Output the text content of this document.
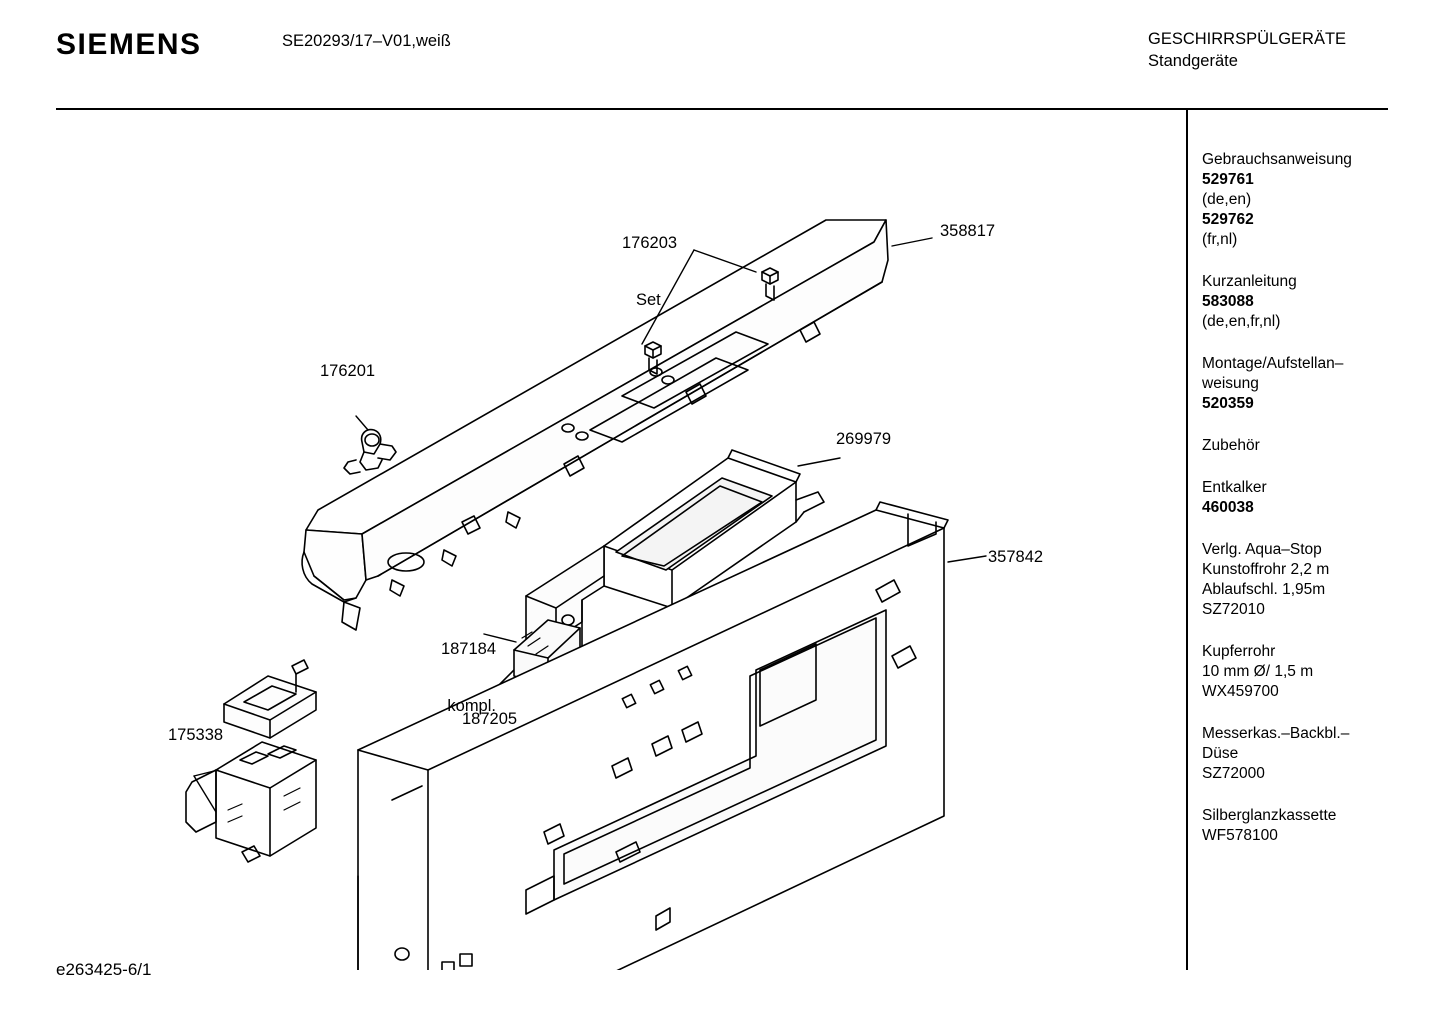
SIEMENS	SE20293/17–V01,weiß	GESCHIRRSPÜLGERÄTE
Standgeräte

176203

Set

358817
176201
269979
357842

187184

kompl.

187205
175338
Gebrauchsanweisung
529761
(de,en)
529762
(fr,nl)
Kurzanleitung
583088
(de,en,fr,nl)
Montage/Aufstellan–
weisung
520359
Zubehör
Entkalker
460038
Verlg. Aqua–Stop
Kunstoffrohr 2,2 m
Ablaufschl. 1,95m
SZ72010
Kupferrohr
10 mm Ø/ 1,5 m
WX459700
Messerkas.–Backbl.–
Düse
SZ72000
Silberglanzkassette
WF578100
e263425-6/1
